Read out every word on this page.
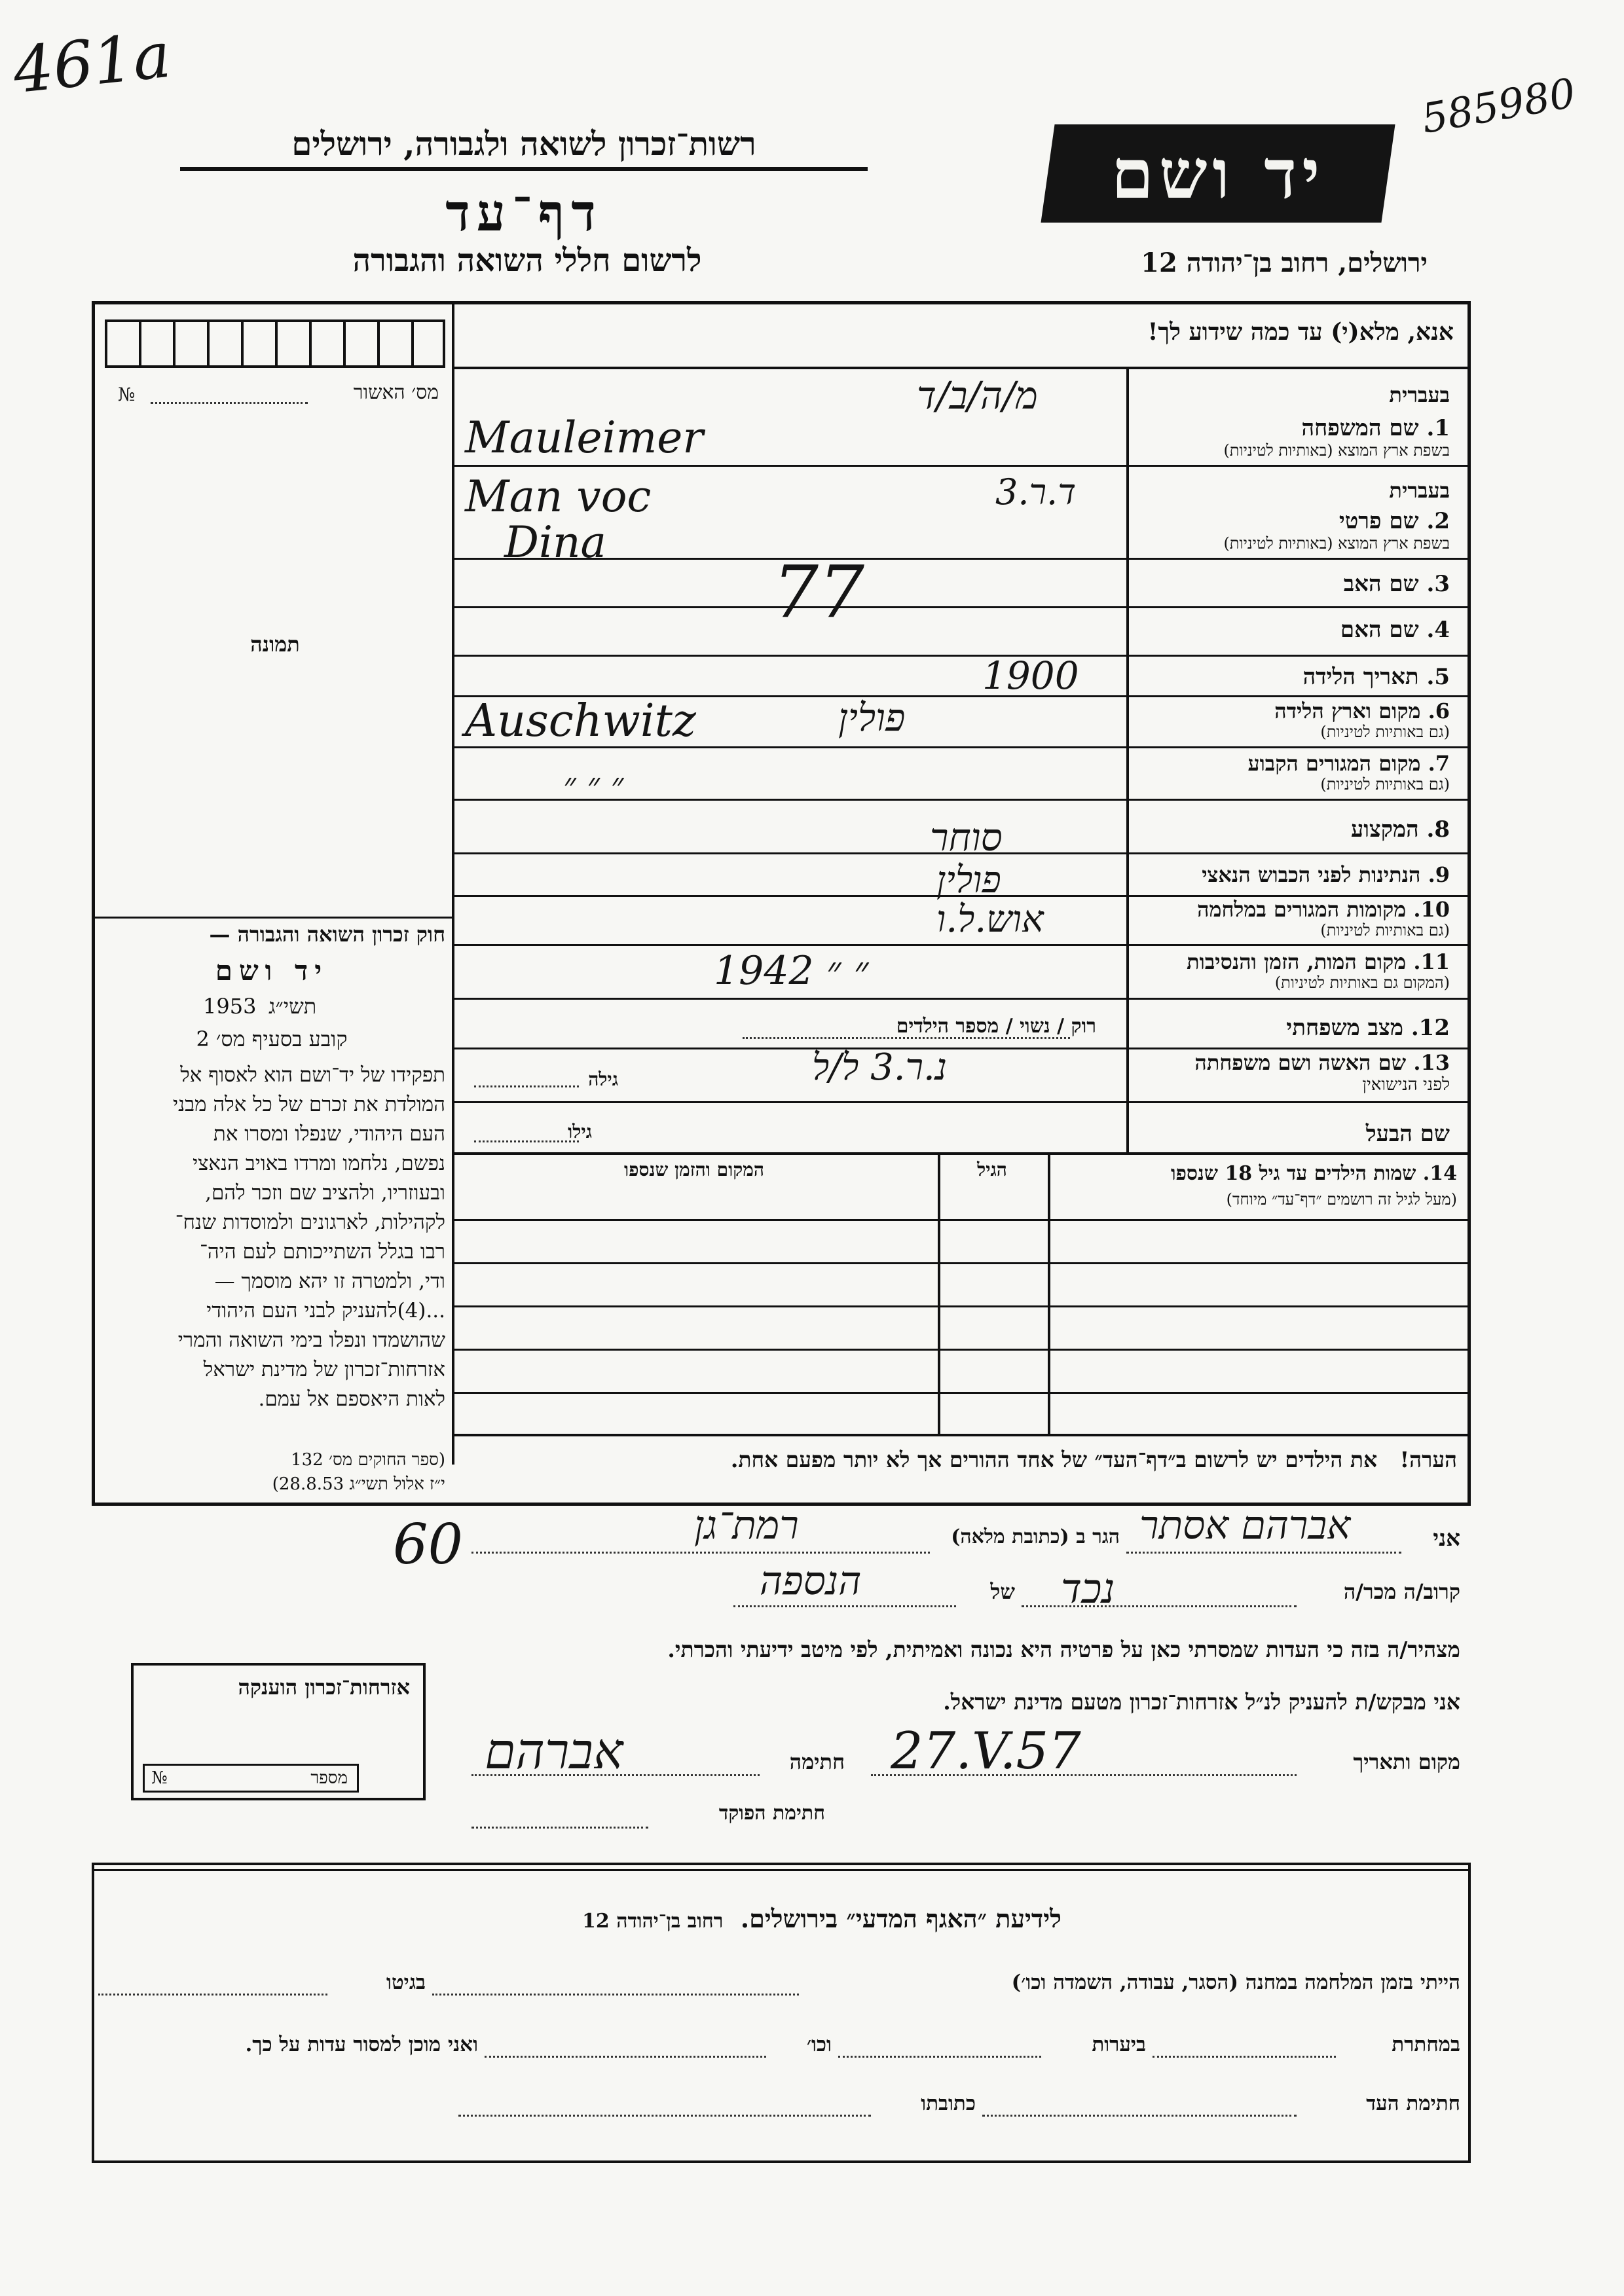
461a	585980
רשות־זכרון לשואה ולגבורה, ירושלים
דף־עד
לרשום חללי השואה והגבורה
יד ושם
ירושלים, רחוב בן־יהודה 12
אנא, מלא(י) עד כמה שידוע לך!
מס׳ האשור
№
תמונה
חוק זכרון השואה והגבורה —
יד ושם
תשי״ג
1953
קובע בסעיף מס׳ 2
תפקידו של יד־ושם הוא לאסוף אל
המולדת את זכרם של כל אלה מבני
העם היהודי, שנפלו ומסרו את
נפשם, נלחמו ומרדו באויב הנאצי
ובעוזריו, ולהציב שם וזכר להם,
לקהילות, לארגונים ולמוסדות שנח־
רבו בגלל השתייכותם לעם היה־
ודי, ולמטרה זו יהא מוסמך —
...(4)להעניק לבני העם היהודי
שהושמדו ונפלו בימי השואה והמרי
אזרחות־זכרון של מדינת ישראל
לאות היאספם אל עמם.
(ספר החוקים מס׳ 132
י״ז אלול תשי״ג 28.8.53)
בעברית
1. שם המשפחה
בשפת ארץ המוצא (באותיות לטיניות)
בעברית
2. שם פרטי
בשפת ארץ המוצא (באותיות לטיניות)
3. שם האב
4. שם האם
5. תאריך הלידה
6. מקום וארץ הלידה
(גם באותיות לטיניות)
7. מקום המגורים הקבוע
(גם באותיות לטיניות)
8. המקצוע
9. הנתינות לפני הכבוש הנאצי
10. מקומות המגורים במלחמה
(גם באותיות לטיניות)
11. מקום המות, הזמן והנסיבות
(המקום גם באותיות לטיניות)
12. מצב משפחתי
רוק / נשוי / מספר הילדים
13. שם האשה ושם משפחתה
לפני הנישואין
גילה
שם הבעל
גילו
14. שמות הילדים עד גיל 18 שנספו
(מעל לגיל זה רושמים ״דף־עד״ מיוחד)
הגיל
המקום והזמן שנספו
הערה!   את הילדים יש לרשום ב״דף־העד״ של אחד ההורים אך לא יותר מפעם אחת.
מ/ה/ב/ד
Mauleimer
ד.ר.3
Man voc
Dina
77
1900
Auschwitz	פולין
״ ״ ״
סוחר
פולין
אוש.ל.ו
1942 ״ ״
נ.ר.3 ל/ל
אני
הגר ב (כתובת מלאה) אברהם אסתר
רמת־גן
60
קרוב/ה מכר/ה
של נכד
הנספה
מצהיר/ה בזה כי העדות שמסרתי כאן על פרטיה היא נכונה ואמיתית, לפי מיטב ידיעתי והכרתי.
אני מבקש/ת להעניק לנ״ל אזרחות־זכרון מטעם מדינת ישראל.
מקום ותאריך
27.V.57
חתימה
אברהם
חתימת הפוקד
אזרחות־זכרון הוענקה
מספר
№
לידיעת ״האגף המדעי״ בירושלים.  רחוב בן־יהודה 12
הייתי בזמן המלחמה במחנה (הסגר, עבודה, השמדה וכו׳)
בגיטו
במחתרת
ביערות
וכו׳
ואני מוכן למסור עדות על כך.
חתימת העד
כתובתו
